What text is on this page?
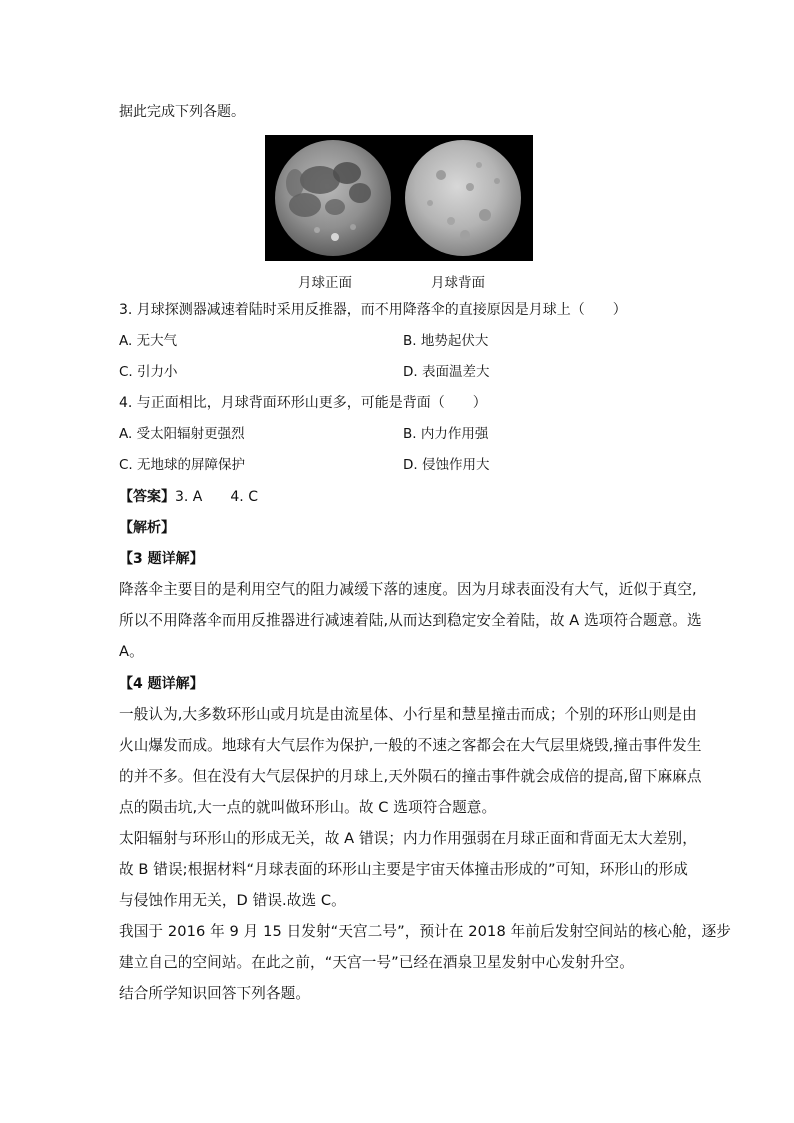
据此完成下列各题。
月球正面	月球背面
3. 月球探测器减速着陆时采用反推器，而不用降落伞的直接原因是月球上（　　）
A. 无大气	B. 地势起伏大
C. 引力小	D. 表面温差大
4. 与正面相比，月球背面环形山更多，可能是背面（　　）
A. 受太阳辐射更强烈	B. 内力作用强
C. 无地球的屏障保护	D. 侵蚀作用大
【答案】3. A　　4. C
【解析】
【3 题详解】
降落伞主要目的是利用空气的阻力减缓下落的速度。因为月球表面没有大气，近似于真空,
所以不用降落伞而用反推器进行减速着陆,从而达到稳定安全着陆，故 A 选项符合题意。选
A。
【4 题详解】
一般认为,大多数环形山或月坑是由流星体、小行星和慧星撞击而成；个别的环形山则是由
火山爆发而成。地球有大气层作为保护,一般的不速之客都会在大气层里烧毁,撞击事件发生
的并不多。但在没有大气层保护的月球上,天外陨石的撞击事件就会成倍的提高,留下麻麻点
点的陨击坑,大一点的就叫做环形山。故 C 选项符合题意。
太阳辐射与环形山的形成无关，故 A 错误；内力作用强弱在月球正面和背面无太大差别，
故 B 错误;根据材料“月球表面的环形山主要是宇宙天体撞击形成的”可知，环形山的形成
与侵蚀作用无关，D 错误.故选 C。
我国于 2016 年 9 月 15 日发射“天宫二号”，预计在 2018 年前后发射空间站的核心舱，逐步
建立自己的空间站。在此之前，“天宫一号”已经在酒泉卫星发射中心发射升空。
结合所学知识回答下列各题。
